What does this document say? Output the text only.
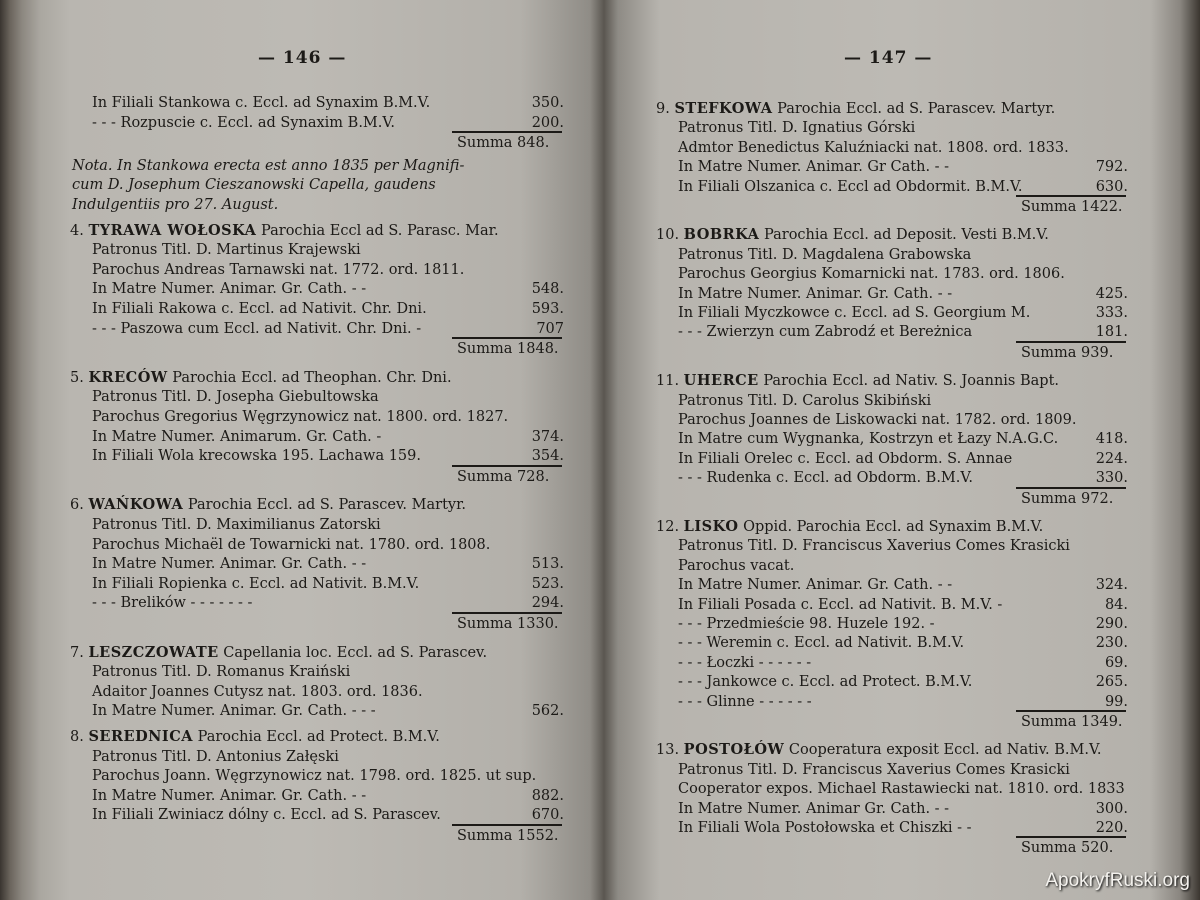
— 146 —
In Filiali Stankowa c. Eccl. ad Synaxim B.M.V.	350.
- - - Rozpuscie c. Eccl. ad Synaxim B.M.V.	200.
Summa 848.
Nota. In Stankowa erecta est anno 1835 per Magnifi-
cum D. Josephum Cieszanowski Capella, gaudens
Indulgentiis pro 27. August.
4. TYRAWA WOŁOSKA Parochia Eccl ad S. Parasc. Mar.
Patronus Titl. D. Martinus Krajewski
Parochus Andreas Tarnawski nat. 1772. ord. 1811.
In Matre Numer. Animar. Gr. Cath. - -	548.
In Filiali Rakowa c. Eccl. ad Nativit. Chr. Dni.	593.
- - - Paszowa cum Eccl. ad Nativit. Chr. Dni. -	707
Summa 1848.
5. KRECÓW Parochia Eccl. ad Theophan. Chr. Dni.
Patronus Titl. D. Josepha Giebultowska
Parochus Gregorius Węgrzynowicz nat. 1800. ord. 1827.
In Matre Numer. Animarum. Gr. Cath. -	374.
In Filiali Wola krecowska 195. Lachawa 159.	354.
Summa 728.
6. WAŃKOWA Parochia Eccl. ad S. Parascev. Martyr.
Patronus Titl. D. Maximilianus Zatorski
Parochus Michaël de Towarnicki nat. 1780. ord. 1808.
In Matre Numer. Animar. Gr. Cath. - -	513.
In Filiali Ropienka c. Eccl. ad Nativit. B.M.V.	523.
- - - Brelików - - - - - - -	294.
Summa 1330.
7. LESZCZOWATE Capellania loc. Eccl. ad S. Parascev.
Patronus Titl. D. Romanus Kraiński
Adaitor Joannes Cutysz nat. 1803. ord. 1836.
In Matre Numer. Animar. Gr. Cath. - - -	562.
8. SEREDNICA Parochia Eccl. ad Protect. B.M.V.
Patronus Titl. D. Antonius Załęski
Parochus Joann. Węgrzynowicz nat. 1798. ord. 1825. ut sup.
In Matre Numer. Animar. Gr. Cath. - -	882.
In Filiali Zwiniacz dólny c. Eccl. ad S. Parascev.	670.
Summa 1552.
— 147 —
9. STEFKOWA Parochia Eccl. ad S. Parascev. Martyr.
Patronus Titl. D. Ignatius Górski
Admtor Benedictus Kaluźniacki nat. 1808. ord. 1833.
In Matre Numer. Animar. Gr Cath. - -	792.
In Filiali Olszanica c. Eccl ad Obdormit. B.M.V.	630.
Summa 1422.
10. BOBRKA Parochia Eccl. ad Deposit. Vesti B.M.V.
Patronus Titl. D. Magdalena Grabowska
Parochus Georgius Komarnicki nat. 1783. ord. 1806.
In Matre Numer. Animar. Gr. Cath. - -	425.
In Filiali Myczkowce c. Eccl. ad S. Georgium M.	333.
- - - Zwierzyn cum Zabrodź et Bereżnica	181.
Summa 939.
11. UHERCE Parochia Eccl. ad Nativ. S. Joannis Bapt.
Patronus Titl. D. Carolus Skibiński
Parochus Joannes de Liskowacki nat. 1782. ord. 1809.
In Matre cum Wygnanka, Kostrzyn et Łazy N.A.G.C.	418.
In Filiali Orelec c. Eccl. ad Obdorm. S. Annae	224.
- - - Rudenka c. Eccl. ad Obdorm. B.M.V.	330.
Summa 972.
12. LISKO Oppid. Parochia Eccl. ad Synaxim B.M.V.
Patronus Titl. D. Franciscus Xaverius Comes Krasicki
Parochus vacat.
In Matre Numer. Animar. Gr. Cath. - -	324.
In Filiali Posada c. Eccl. ad Nativit. B. M.V. -	84.
- - - Przedmieście 98. Huzele 192. -	290.
- - - Weremin c. Eccl. ad Nativit. B.M.V.	230.
- - - Łoczki - - - - - -	69.
- - - Jankowce c. Eccl. ad Protect. B.M.V.	265.
- - - Glinne - - - - - -	99.
Summa 1349.
13. POSTOŁÓW Cooperatura exposit Eccl. ad Nativ. B.M.V.
Patronus Titl. D. Franciscus Xaverius Comes Krasicki
Cooperator expos. Michael Rastawiecki nat. 1810. ord. 1833
In Matre Numer. Animar Gr. Cath. - -	300.
In Filiali Wola Postołowska et Chiszki - -	220.
Summa 520.
ApokryfRuski.org
